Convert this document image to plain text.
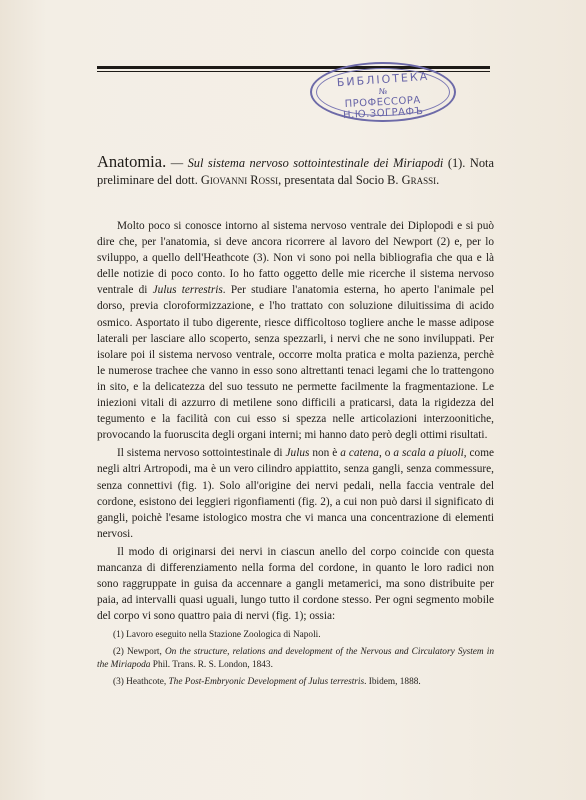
БИБЛІОТЕКА
№
ПРОФЕССОРА Н.Ю.ЗОГРАФЪ
Anatomia. — Sul sistema nervoso sottointestinale dei Miriapodi (1). Nota preliminare del dott. Giovanni Rossi, presentata dal Socio B. Grassi.

Molto poco si conosce intorno al sistema nervoso ventrale dei Diplopodi e si può dire che, per l'anatomia, si deve ancora ricorrere al lavoro del Newport (2) e, per lo sviluppo, a quello dell'Heathcote (3). Non vi sono poi nella bibliografia che qua e là delle notizie di poco conto. Io ho fatto oggetto delle mie ricerche il sistema nervoso ventrale di Julus terrestris. Per studiare l'anatomia esterna, ho aperto l'animale pel dorso, previa cloroformizzazione, e l'ho trattato con soluzione diluitissima di acido osmico. Asportato il tubo digerente, riesce difficoltoso togliere anche le masse adipose laterali per lasciare allo scoperto, senza spezzarli, i nervi che ne sono inviluppati. Per isolare poi il sistema nervoso ventrale, occorre molta pratica e molta pazienza, perchè le numerose trachee che vanno in esso sono altrettanti tenaci legami che lo trattengono in sito, e la delicatezza del suo tessuto ne permette facilmente la fragmentazione. Le iniezioni vitali di azzurro di metilene sono difficili a praticarsi, data la rigidezza del tegumento e la facilità con cui esso si spezza nelle articolazioni interzoonitiche, provocando la fuoruscita degli organi interni; mi hanno dato però degli ottimi risultati.

Il sistema nervoso sottointestinale di Julus non è a catena, o a scala a piuoli, come negli altri Artropodi, ma è un vero cilindro appiattito, senza gangli, senza commessure, senza connettivi (fig. 1). Solo all'origine dei nervi pedali, nella faccia ventrale del cordone, esistono dei leggieri rigonfiamenti (fig. 2), a cui non può darsi il significato di gangli, poichè l'esame istologico mostra che vi manca una concentrazione di elementi nervosi.

Il modo di originarsi dei nervi in ciascun anello del corpo coincide con questa mancanza di differenziamento nella forma del cordone, in quanto le loro radici non sono raggruppate in guisa da accennare a gangli metamerici, ma sono distribuite per paia, ad intervalli quasi uguali, lungo tutto il cordone stesso. Per ogni segmento mobile del corpo vi sono quattro paia di nervi (fig. 1); ossia:

(1) Lavoro eseguito nella Stazione Zoologica di Napoli.

(2) Newport, On the structure, relations and development of the Nervous and Circulatory System in the Miriapoda Phil. Trans. R. S. London, 1843.

(3) Heathcote, The Post-Embryonic Development of Julus terrestris. Ibidem, 1888.
